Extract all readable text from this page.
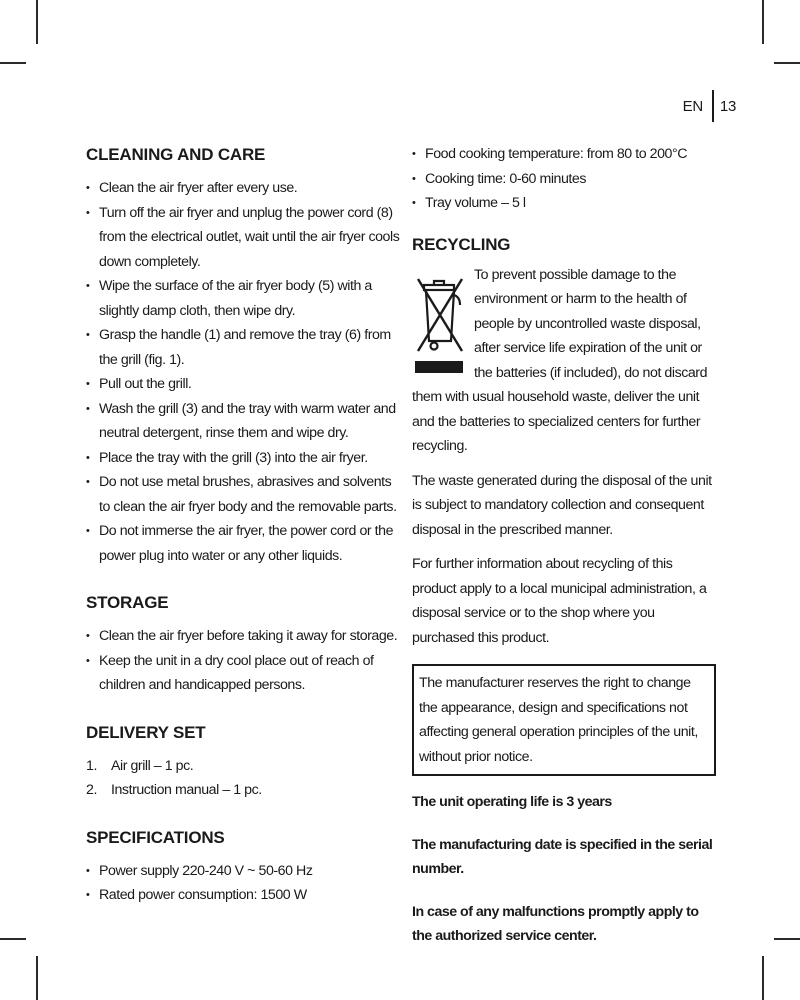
EN 13
CLEANING AND CARE
• Clean the air fryer after every use.
• Turn off the air fryer and unplug the power cord (8) from the electrical outlet, wait until the air fryer cools down completely.
• Wipe the surface of the air fryer body (5) with a slightly damp cloth, then wipe dry.
• Grasp the handle (1) and remove the tray (6) from the grill (fig. 1).
• Pull out the grill.
• Wash the grill (3) and the tray with warm water and neutral detergent, rinse them and wipe dry.
• Place the tray with the grill (3) into the air fryer.
• Do not use metal brushes, abrasives and solvents to clean the air fryer body and the removable parts.
• Do not immerse the air fryer, the power cord or the power plug into water or any other liquids.
STORAGE
• Clean the air fryer before taking it away for storage.
• Keep the unit in a dry cool place out of reach of children and handicapped persons.
DELIVERY SET
1. Air grill – 1 pc.
2. Instruction manual – 1 pc.
SPECIFICATIONS
• Power supply 220-240 V ~ 50-60 Hz
• Rated power consumption: 1500 W
• Food cooking temperature: from 80 to 200°C
• Cooking time: 0-60 minutes
• Tray volume – 5 l
RECYCLING

To prevent possible damage to the environment or harm to the health of people by uncontrolled waste disposal, after service life expiration of the unit or the batteries (if included), do not discard them with usual household waste, deliver the unit and the batteries to specialized centers for further recycling.

The waste generated during the disposal of the unit is subject to mandatory collection and consequent disposal in the prescribed manner.

For further information about recycling of this product apply to a local municipal administration, a disposal service or to the shop where you purchased this product.

The manufacturer reserves the right to change the appearance, design and specifications not affecting general operation principles of the unit, without prior notice.
The unit operating life is 3 years
The manufacturing date is specified in the serial number.
In case of any malfunctions promptly apply to the authorized service center.
